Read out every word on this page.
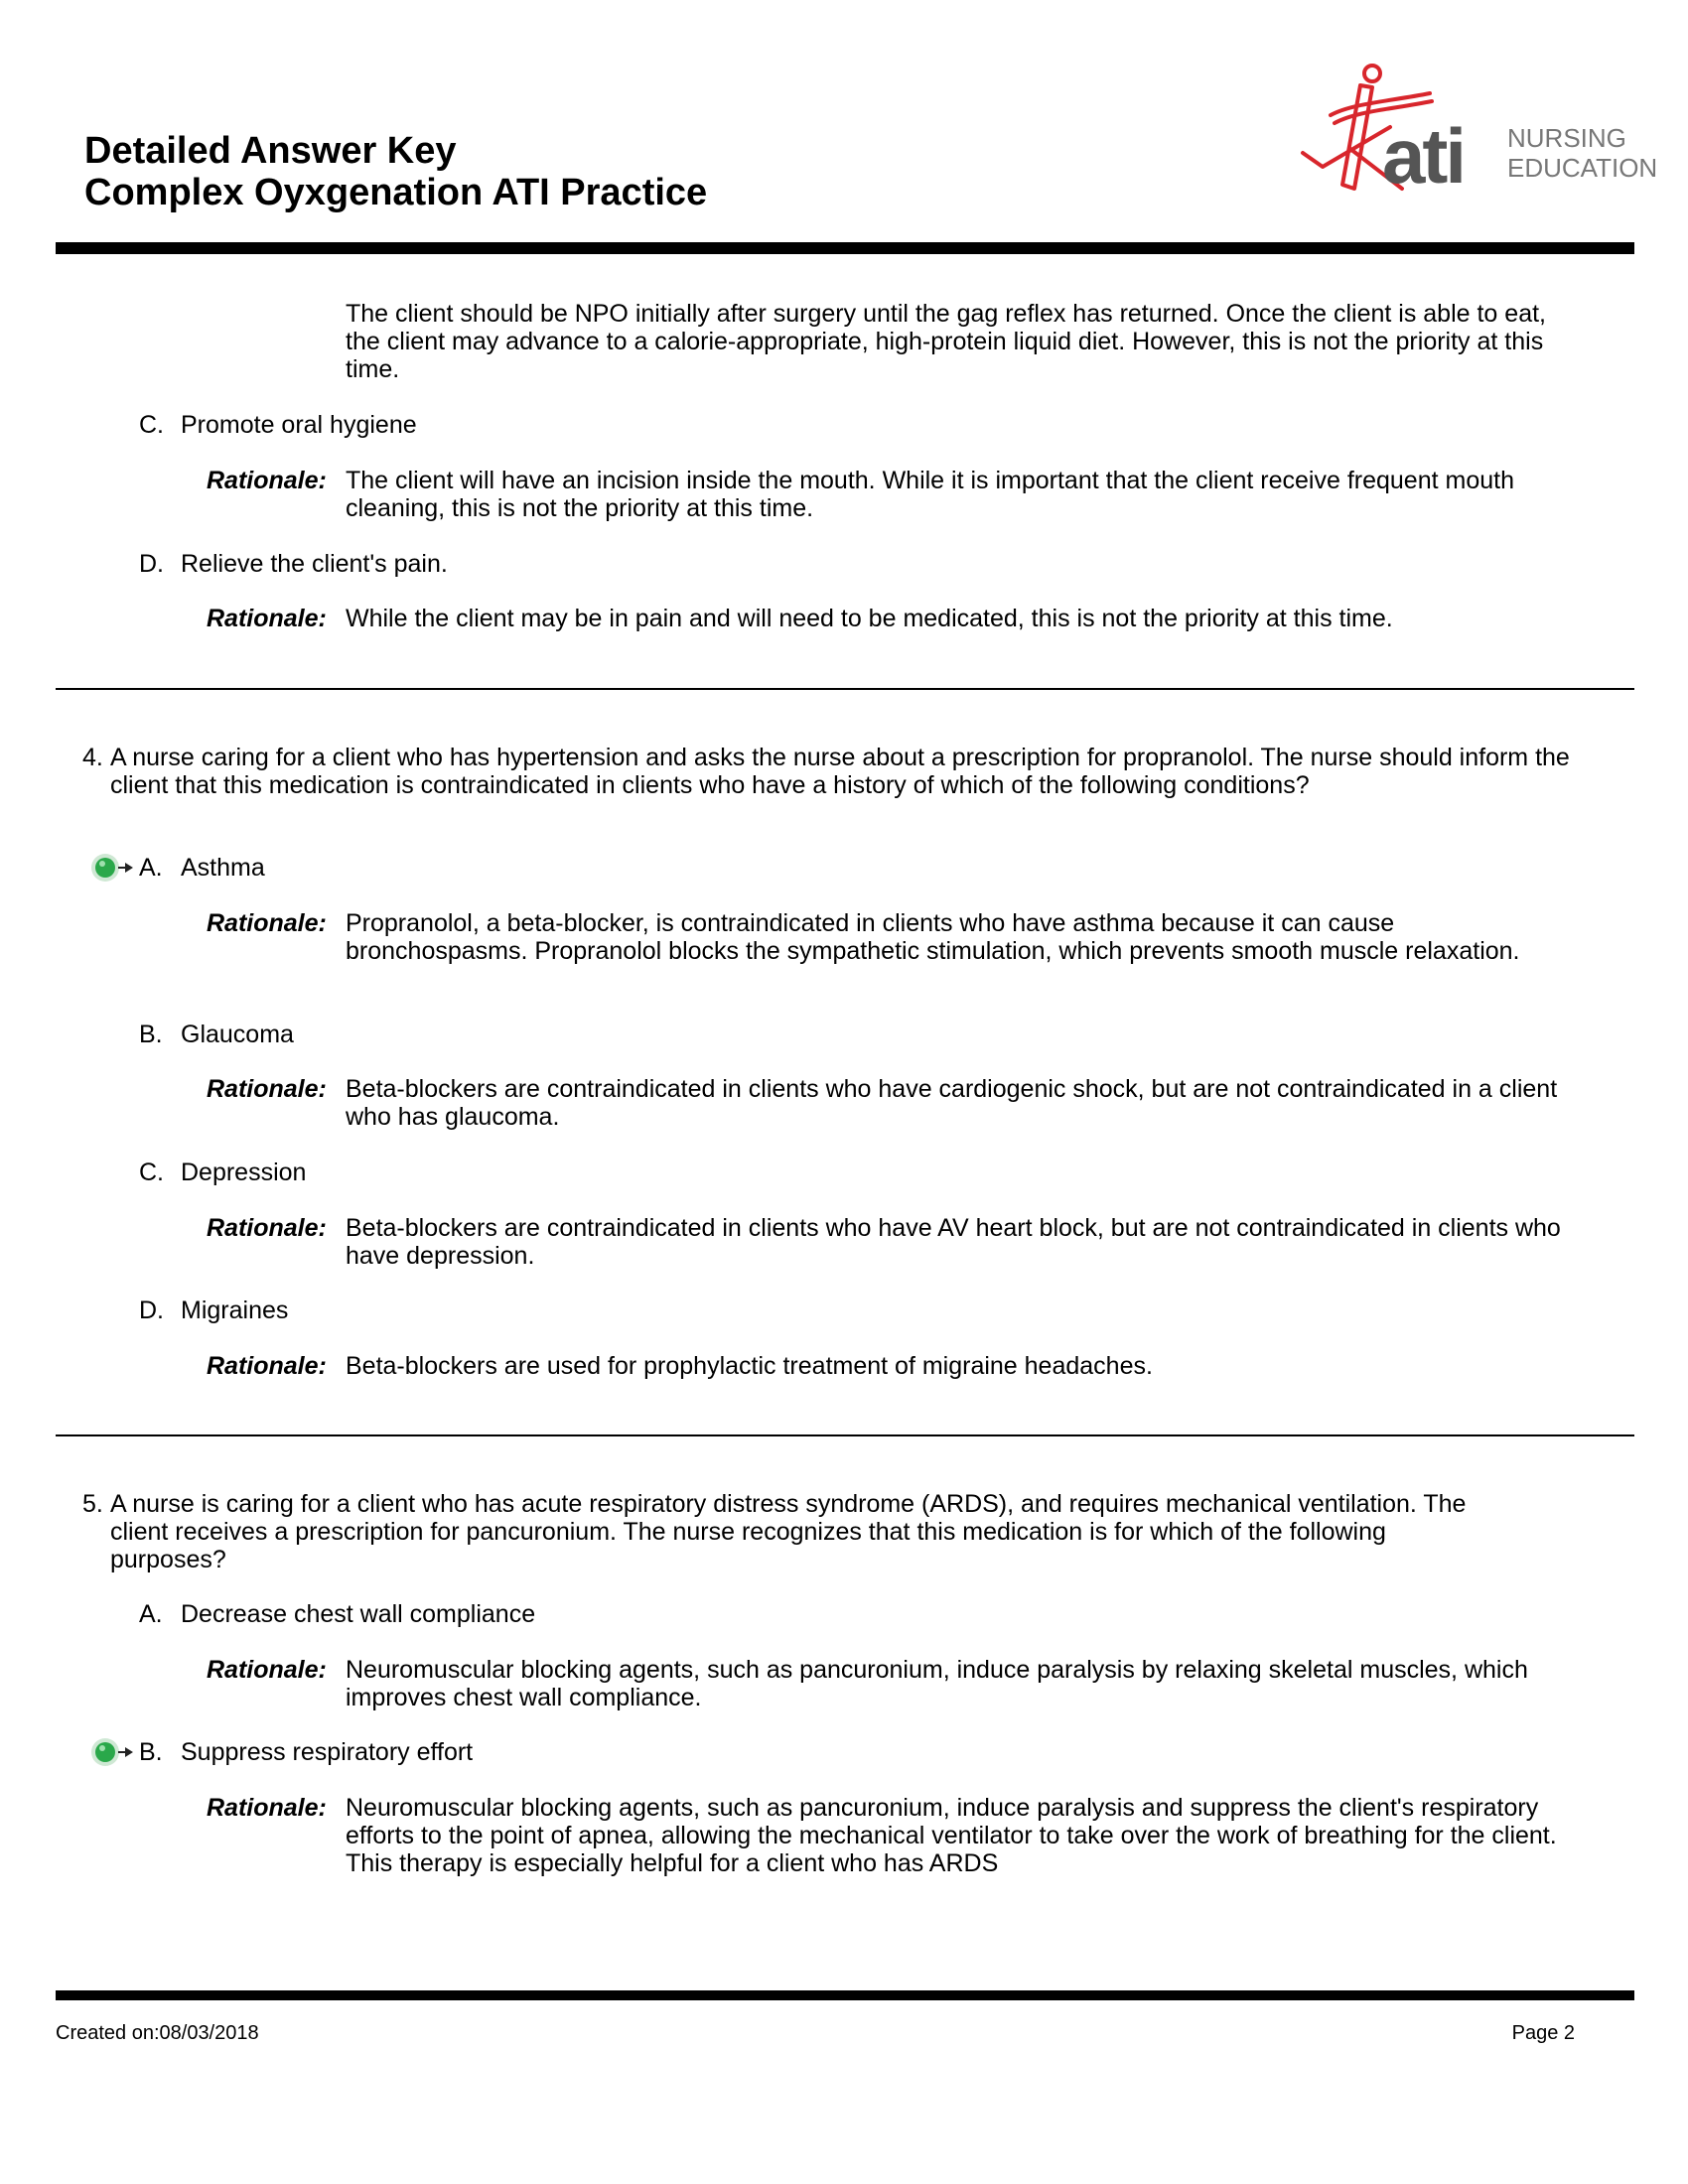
Detailed Answer Key
Complex Oyxgenation ATI Practice	ati NURSING
EDUCATION
The client should be NPO initially after surgery until the gag reflex has returned. Once the client is able to eat, the client may advance to a calorie-appropriate, high-protein liquid diet. However, this is not the priority at this time.
C. Promote oral hygiene
Rationale: The client will have an incision inside the mouth. While it is important that the client receive frequent mouth cleaning, this is not the priority at this time.
D. Relieve the client's pain.
Rationale: While the client may be in pain and will need to be medicated, this is not the priority at this time.
4. A nurse caring for a client who has hypertension and asks the nurse about a prescription for propranolol. The nurse should inform the client that this medication is contraindicated in clients who have a history of which of the following conditions?
A. Asthma
Rationale: Propranolol, a beta-blocker, is contraindicated in clients who have asthma because it can cause bronchospasms. Propranolol blocks the sympathetic stimulation, which prevents smooth muscle relaxation.
B. Glaucoma
Rationale: Beta-blockers are contraindicated in clients who have cardiogenic shock, but are not contraindicated in a client who has glaucoma.
C. Depression
Rationale: Beta-blockers are contraindicated in clients who have AV heart block, but are not contraindicated in clients who have depression.
D. Migraines
Rationale: Beta-blockers are used for prophylactic treatment of migraine headaches.
5. A nurse is caring for a client who has acute respiratory distress syndrome (ARDS), and requires mechanical ventilation. The client receives a prescription for pancuronium. The nurse recognizes that this medication is for which of the following purposes?
A. Decrease chest wall compliance
Rationale: Neuromuscular blocking agents, such as pancuronium, induce paralysis by relaxing skeletal muscles, which improves chest wall compliance.
B. Suppress respiratory effort
Rationale: Neuromuscular blocking agents, such as pancuronium, induce paralysis and suppress the client's respiratory efforts to the point of apnea, allowing the mechanical ventilator to take over the work of breathing for the client. This therapy is especially helpful for a client who has ARDS
Created on:08/03/2018	Page 2
